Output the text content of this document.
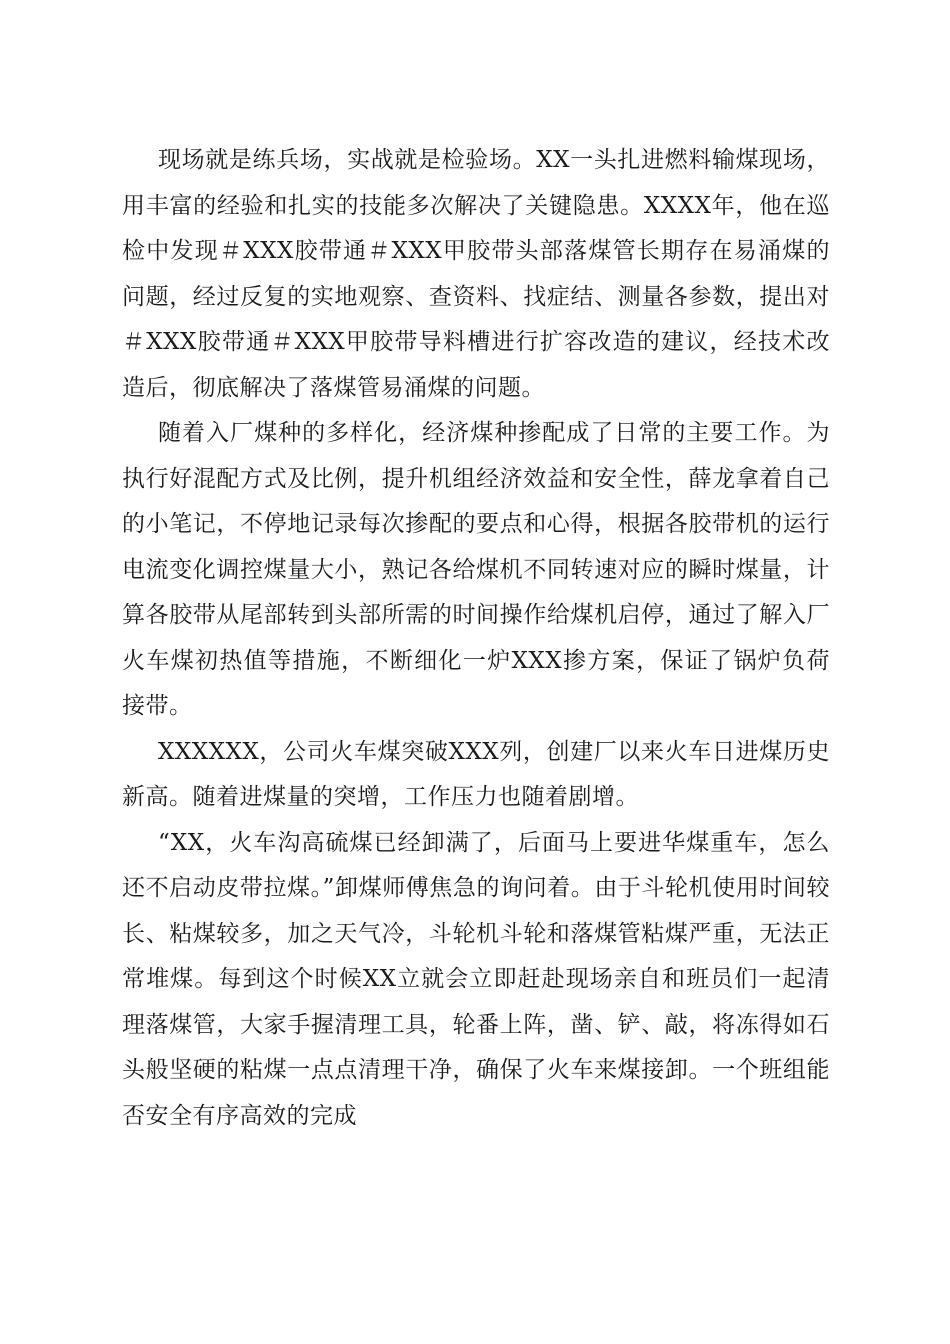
现场就是练兵场，实战就是检验场。XX一头扎进燃料输煤现场，用丰富的经验和扎实的技能多次解决了关键隐患。XXXX年，他在巡检中发现＃XXX胶带通＃XXX甲胶带头部落煤管长期存在易涌煤的问题，经过反复的实地观察、查资料、找症结、测量各参数，提出对＃XXX胶带通＃XXX甲胶带导料槽进行扩容改造的建议，经技术改造后，彻底解决了落煤管易涌煤的问题。

随着入厂煤种的多样化，经济煤种掺配成了日常的主要工作。为执行好混配方式及比例，提升机组经济效益和安全性，薛龙拿着自己的小笔记，不停地记录每次掺配的要点和心得，根据各胶带机的运行电流变化调控煤量大小，熟记各给煤机不同转速对应的瞬时煤量，计算各胶带从尾部转到头部所需的时间操作给煤机启停，通过了解入厂火车煤初热值等措施，不断细化一炉XXX掺方案，保证了锅炉负荷接带。

XXXXXX，公司火车煤突破XXX列，创建厂以来火车日进煤历史新高。随着进煤量的突增，工作压力也随着剧增。

“XX，火车沟高硫煤已经卸满了，后面马上要进华煤重车，怎么还不启动皮带拉煤。”卸煤师傅焦急的询问着。由于斗轮机使用时间较长、粘煤较多，加之天气冷，斗轮机斗轮和落煤管粘煤严重，无法正常堆煤。每到这个时候XX立就会立即赶赴现场亲自和班员们一起清理落煤管，大家手握清理工具，轮番上阵，凿、铲、敲，将冻得如石头般坚硬的粘煤一点点清理干净，确保了火车来煤接卸。一个班组能否安全有序高效的完成
